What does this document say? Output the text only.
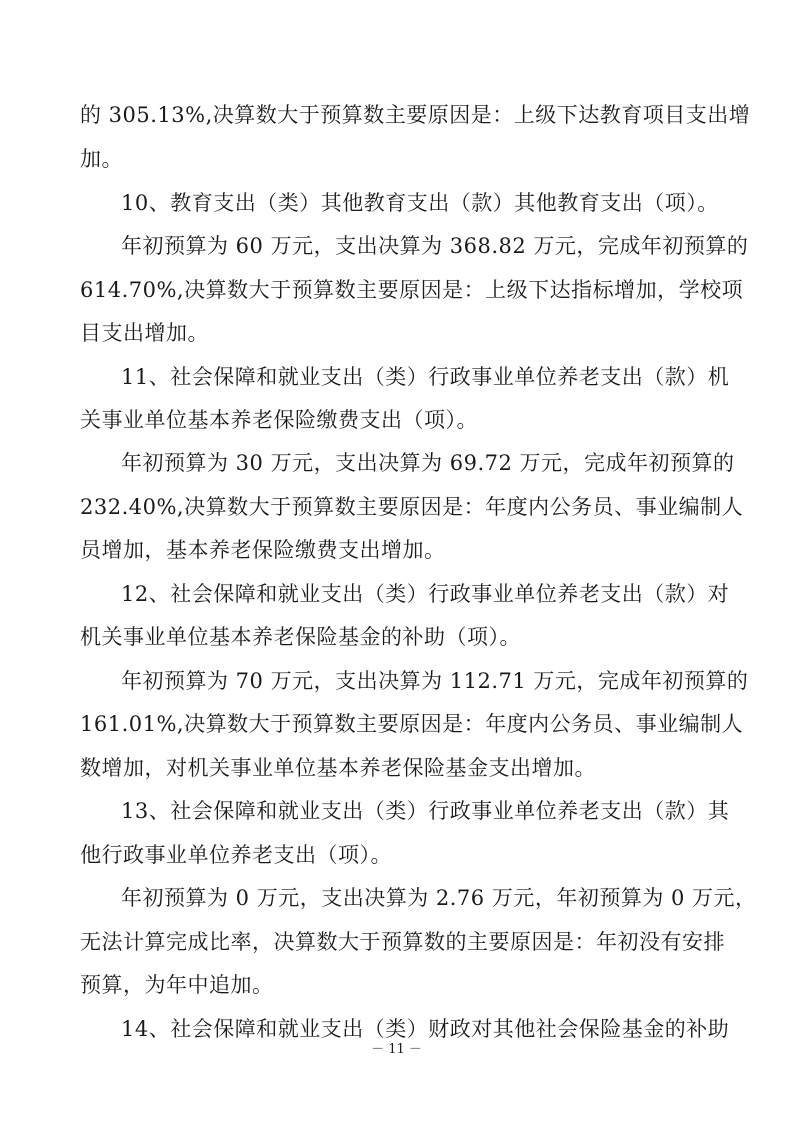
的 305.13%,决算数大于预算数主要原因是：上级下达教育项目支出增
加。
10、教育支出（类）其他教育支出（款）其他教育支出（项）。
年初预算为 60 万元，支出决算为 368.82 万元，完成年初预算的
614.70%,决算数大于预算数主要原因是：上级下达指标增加，学校项
目支出增加。
11、社会保障和就业支出（类）行政事业单位养老支出（款）机
关事业单位基本养老保险缴费支出（项）。
年初预算为 30 万元，支出决算为 69.72 万元，完成年初预算的
232.40%,决算数大于预算数主要原因是：年度内公务员、事业编制人
员增加，基本养老保险缴费支出增加。
12、社会保障和就业支出（类）行政事业单位养老支出（款）对
机关事业单位基本养老保险基金的补助（项）。
年初预算为 70 万元，支出决算为 112.71 万元，完成年初预算的
161.01%,决算数大于预算数主要原因是：年度内公务员、事业编制人
数增加，对机关事业单位基本养老保险基金支出增加。
13、社会保障和就业支出（类）行政事业单位养老支出（款）其
他行政事业单位养老支出（项）。
年初预算为 0 万元，支出决算为 2.76 万元，年初预算为 0 万元，
无法计算完成比率，决算数大于预算数的主要原因是：年初没有安排
预算，为年中追加。
14、社会保障和就业支出（类）财政对其他社会保险基金的补助
－ 11 －
